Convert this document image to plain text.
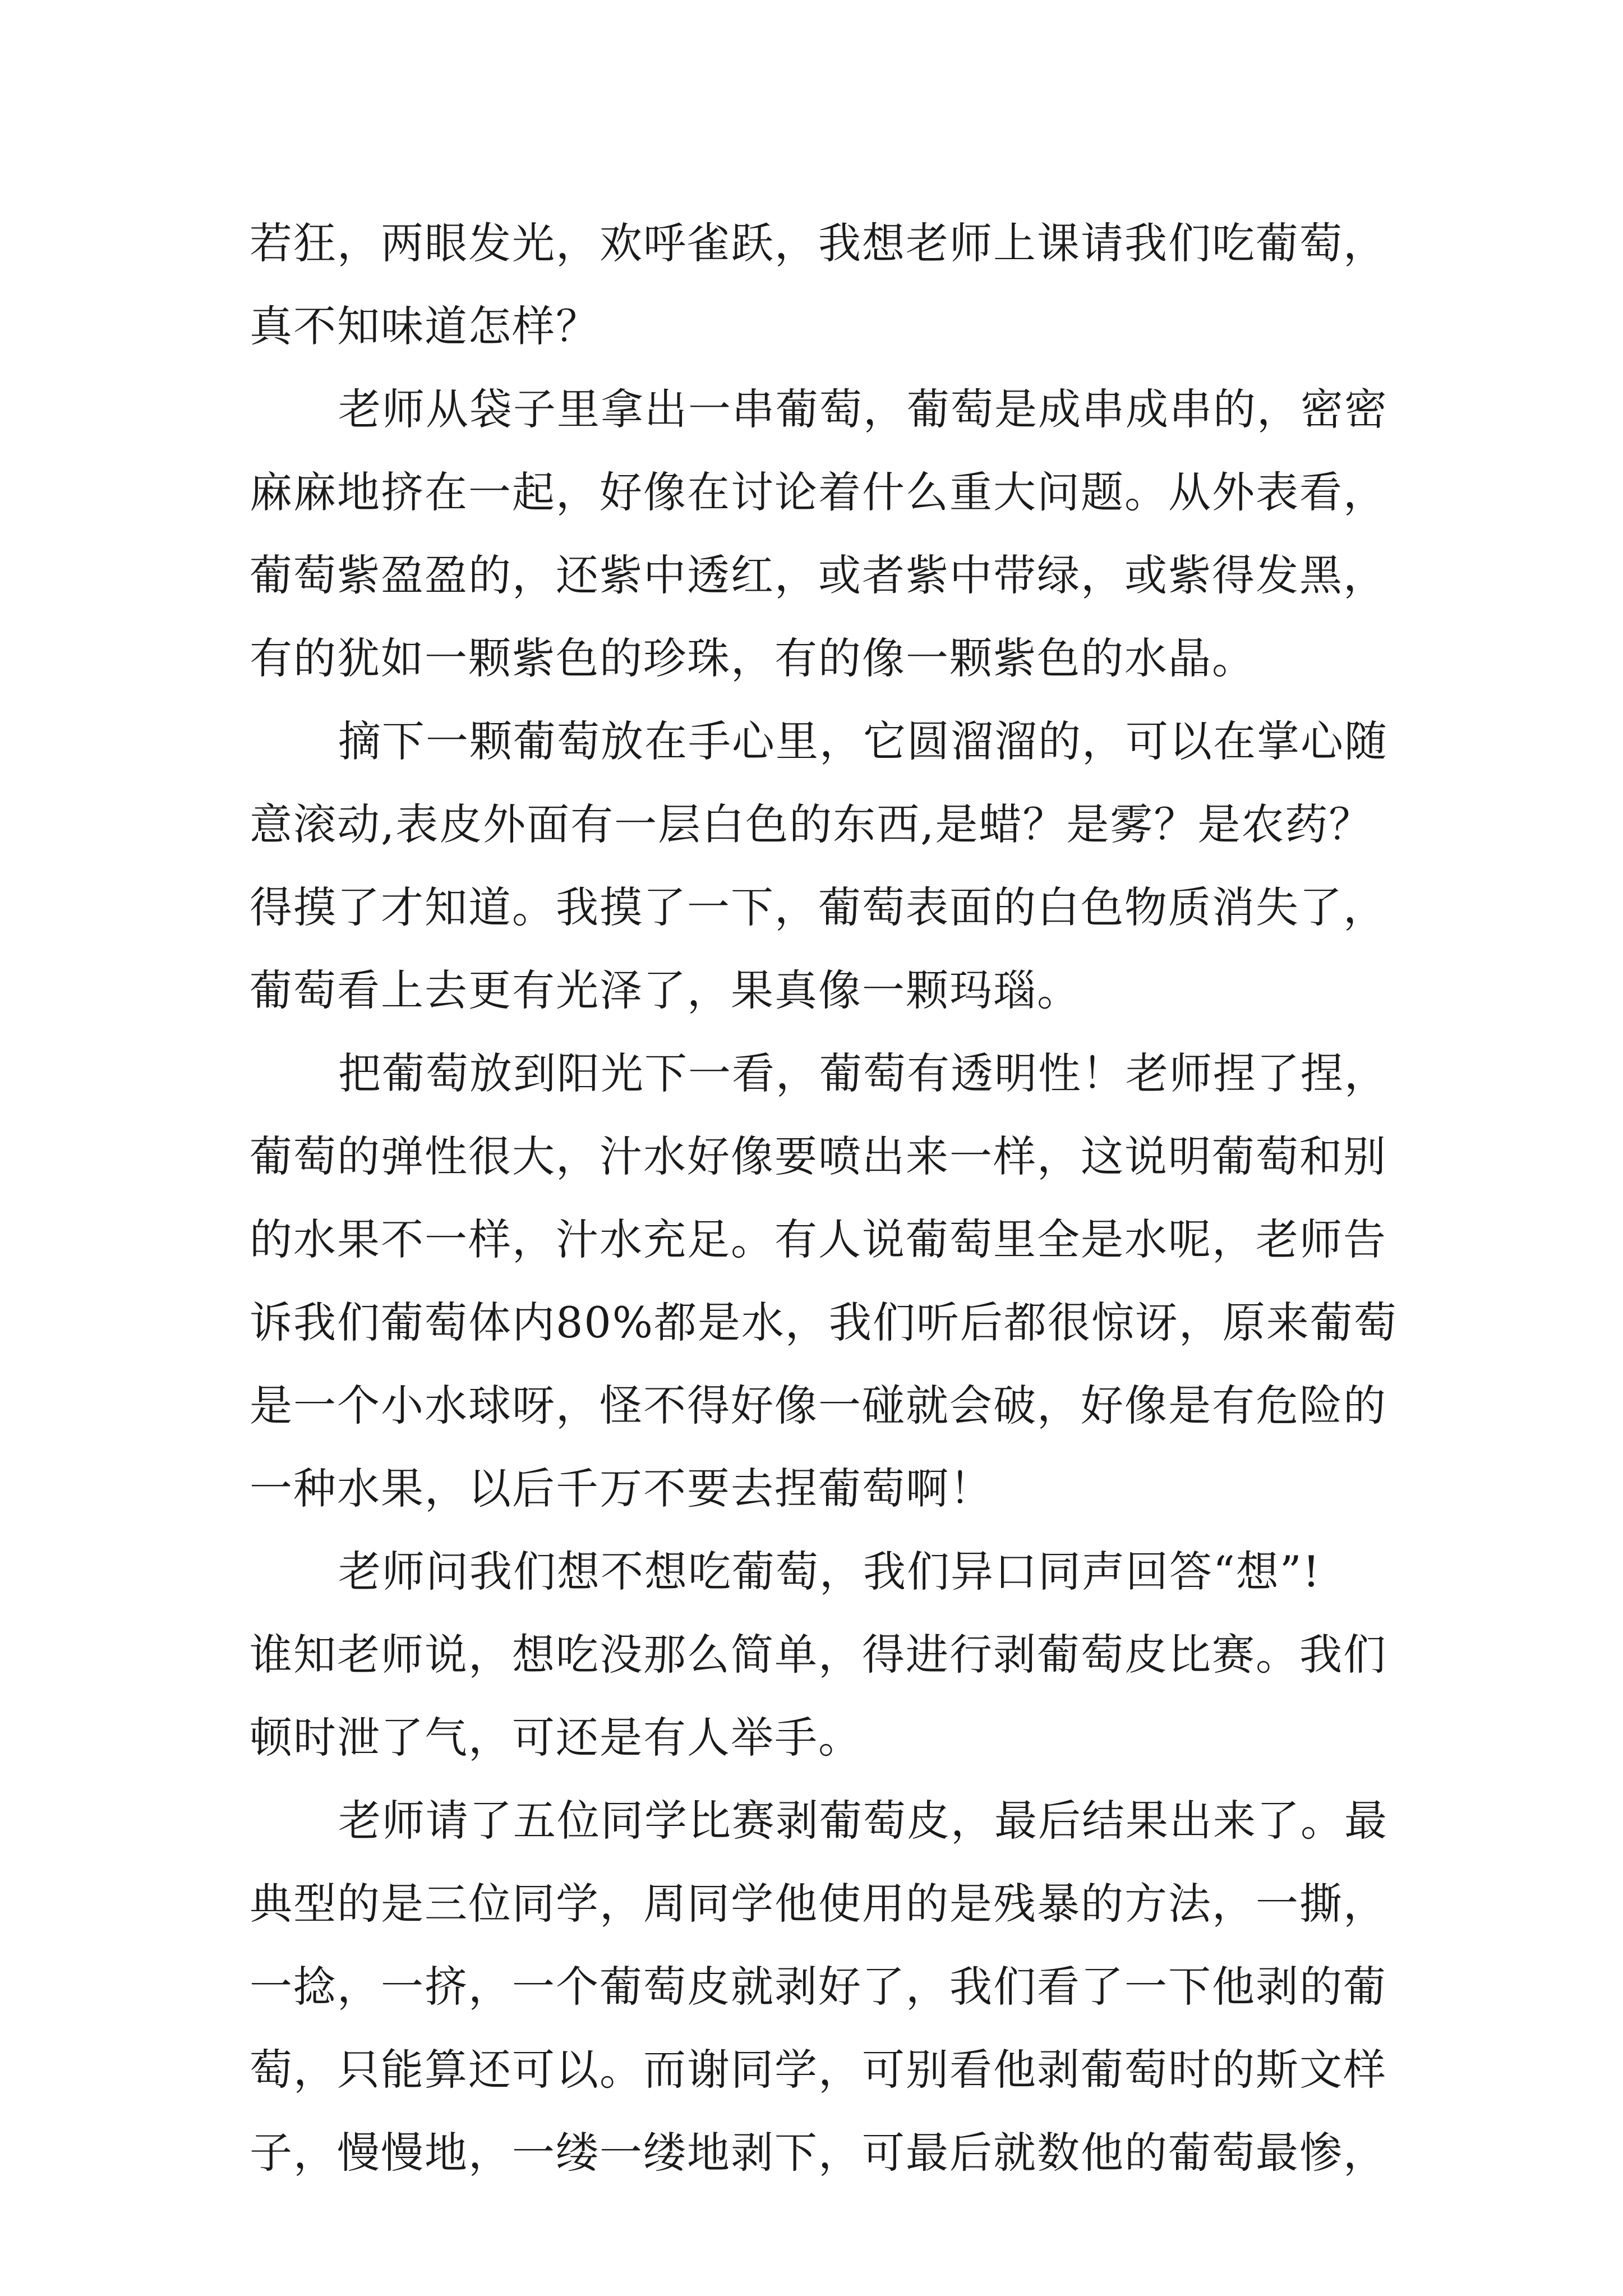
若狂，两眼发光，欢呼雀跃，我想老师上课请我们吃葡萄，
真不知味道怎样？
老师从袋子里拿出一串葡萄，葡萄是成串成串的，密密
麻麻地挤在一起，好像在讨论着什么重大问题。从外表看，
葡萄紫盈盈的，还紫中透红，或者紫中带绿，或紫得发黑，
有的犹如一颗紫色的珍珠，有的像一颗紫色的水晶。
摘下一颗葡萄放在手心里，它圆溜溜的，可以在掌心随
意滚动,表皮外面有一层白色的东西,是蜡？是雾？是农药？
得摸了才知道。我摸了一下，葡萄表面的白色物质消失了，
葡萄看上去更有光泽了，果真像一颗玛瑙。
把葡萄放到阳光下一看，葡萄有透明性！老师捏了捏，
葡萄的弹性很大，汁水好像要喷出来一样，这说明葡萄和别
的水果不一样，汁水充足。有人说葡萄里全是水呢，老师告
诉我们葡萄体内80%都是水，我们听后都很惊讶，原来葡萄
是一个小水球呀，怪不得好像一碰就会破，好像是有危险的
一种水果，以后千万不要去捏葡萄啊！
老师问我们想不想吃葡萄，我们异口同声回答“想”!
谁知老师说，想吃没那么简单，得进行剥葡萄皮比赛。我们
顿时泄了气，可还是有人举手。
老师请了五位同学比赛剥葡萄皮，最后结果出来了。最
典型的是三位同学，周同学他使用的是残暴的方法，一撕，
一捻，一挤，一个葡萄皮就剥好了，我们看了一下他剥的葡
萄，只能算还可以。而谢同学，可别看他剥葡萄时的斯文样
子，慢慢地，一缕一缕地剥下，可最后就数他的葡萄最惨，
